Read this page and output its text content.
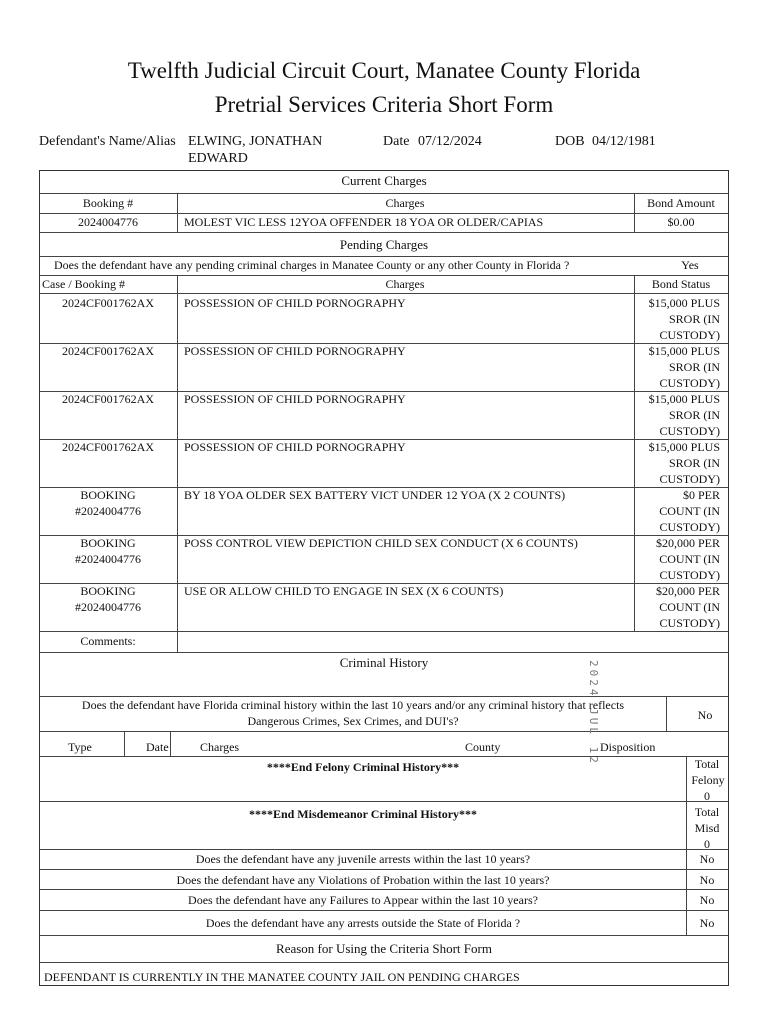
Twelfth Judicial Circuit Court, Manatee County Florida
Pretrial Services Criteria Short Form
Defendant's Name/Alias ELWING, JONATHAN
EDWARD
Date 07/12/2024	DOB 04/12/1981
Current Charges
Booking #	Charges	Bond Amount
2024004776	MOLEST VIC LESS 12YOA OFFENDER 18 YOA OR OLDER/CAPIAS	$0.00
Pending Charges
Does the defendant have any pending criminal charges in Manatee County or any other County in Florida ?	Yes
Case / Booking #	Charges	Bond Status
2024CF001762AX	POSSESSION OF CHILD PORNOGRAPHY	$15,000 PLUS
SROR (IN
CUSTODY)
2024CF001762AX	POSSESSION OF CHILD PORNOGRAPHY	$15,000 PLUS
SROR (IN
CUSTODY)
2024CF001762AX	POSSESSION OF CHILD PORNOGRAPHY	$15,000 PLUS
SROR (IN
CUSTODY)
2024CF001762AX	POSSESSION OF CHILD PORNOGRAPHY	$15,000 PLUS
SROR (IN
CUSTODY)
BOOKING
#2024004776
BY 18 YOA OLDER SEX BATTERY VICT UNDER 12 YOA (X 2 COUNTS)	$0 PER
COUNT (IN
CUSTODY)
BOOKING
#2024004776
POSS CONTROL VIEW DEPICTION CHILD SEX CONDUCT (X 6 COUNTS)	$20,000 PER
COUNT (IN
CUSTODY)
BOOKING
#2024004776
USE OR ALLOW CHILD TO ENGAGE IN SEX (X 6 COUNTS)	$20,000 PER
COUNT (IN
CUSTODY)
Comments:
Criminal History
Does the defendant have Florida criminal history within the last 10 years and/or any criminal history that reflects
Dangerous Crimes, Sex Crimes, and DUI's?	No
Type	Date	Charges	County	Disposition
****End Felony Criminal History***	Total
Felony
0
****End Misdemeanor Criminal History***	Total
Misd
0
Does the defendant have any juvenile arrests within the last 10 years?	No
Does the defendant have any Violations of Probation within the last 10 years?	No
Does the defendant have any Failures to Appear within the last 10 years?	No
Does the defendant have any arrests outside the State of Florida ?	No
Reason for Using the Criteria Short Form
DEFENDANT IS CURRENTLY IN THE MANATEE COUNTY JAIL ON PENDING CHARGES
2024 JUL 12
